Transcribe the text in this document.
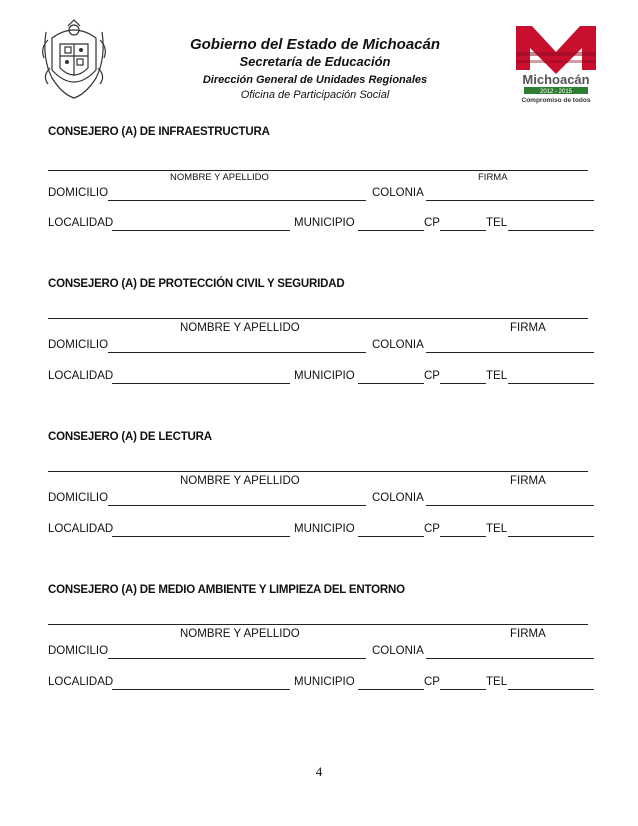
Gobierno del Estado de Michoacán
Secretaría de Educación
Dirección General de Unidades Regionales
Oficina de Participación Social
Michoacán
2012 - 2015
Compromiso de todos
CONSEJERO (A) DE INFRAESTRUCTURA
NOMBRE Y APELLIDO	FIRMA
DOMICILIO	COLONIA
LOCALIDAD	MUNICIPIO	CP	TEL
CONSEJERO (A) DE PROTECCIÓN CIVIL Y SEGURIDAD
NOMBRE Y APELLIDO	FIRMA
DOMICILIO	COLONIA
LOCALIDAD	MUNICIPIO	CP	TEL
CONSEJERO (A) DE LECTURA
NOMBRE Y APELLIDO	FIRMA
DOMICILIO	COLONIA
LOCALIDAD	MUNICIPIO	CP	TEL
CONSEJERO (A) DE MEDIO AMBIENTE Y LIMPIEZA DEL ENTORNO
NOMBRE Y APELLIDO	FIRMA
DOMICILIO	COLONIA
LOCALIDAD	MUNICIPIO	CP	TEL
4
